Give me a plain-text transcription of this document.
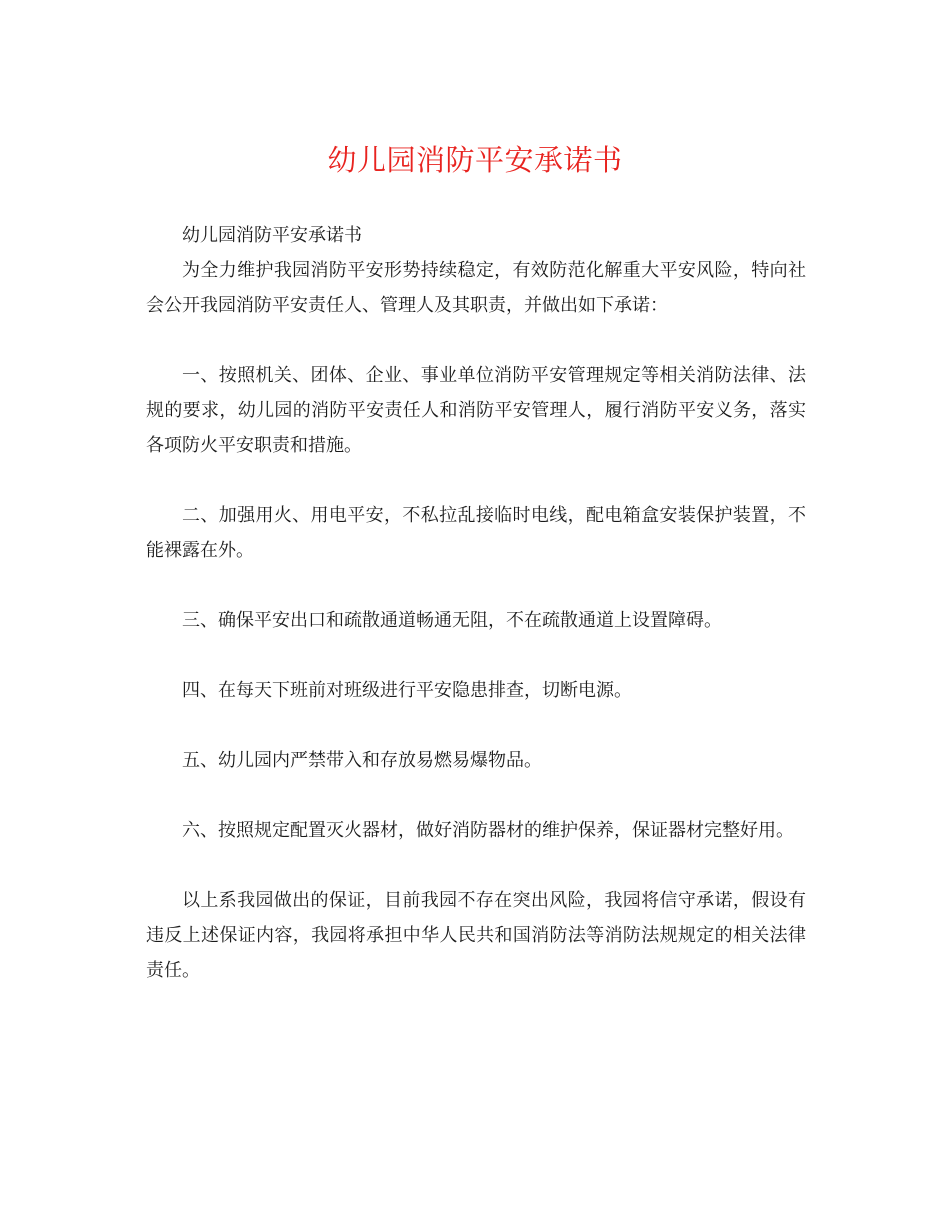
幼儿园消防平安承诺书

幼儿园消防平安承诺书

为全力维护我园消防平安形势持续稳定，有效防范化解重大平安风险，特向社会公开我园消防平安责任人、管理人及其职责，并做出如下承诺：

一、按照机关、团体、企业、事业单位消防平安管理规定等相关消防法律、法规的要求，幼儿园的消防平安责任人和消防平安管理人，履行消防平安义务，落实各项防火平安职责和措施。

二、加强用火、用电平安，不私拉乱接临时电线，配电箱盒安装保护装置，不能裸露在外。

三、确保平安出口和疏散通道畅通无阻，不在疏散通道上设置障碍。

四、在每天下班前对班级进行平安隐患排查，切断电源。

五、幼儿园内严禁带入和存放易燃易爆物品。

六、按照规定配置灭火器材，做好消防器材的维护保养，保证器材完整好用。

以上系我园做出的保证，目前我园不存在突出风险，我园将信守承诺，假设有违反上述保证内容，我园将承担中华人民共和国消防法等消防法规规定的相关法律责任。
